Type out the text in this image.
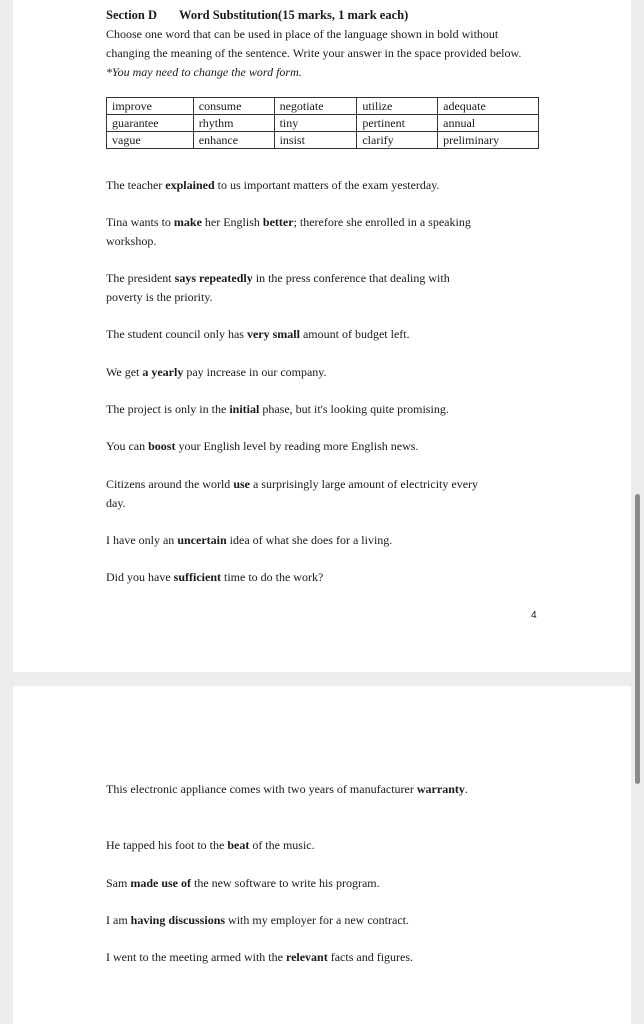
Section D Word Substitution(15 marks, 1 mark each)
Choose one word that can be used in place of the language shown in bold without changing the meaning of the sentence. Write your answer in the space provided below. *You may need to change the word form.
improve	consume	negotiate	utilize	adequate
guarantee	rhythm	tiny	pertinent	annual
vague	enhance	insist	clarify	preliminary
The teacher explained to us important matters of the exam yesterday.
Tina wants to make her English better; therefore she enrolled in a speaking workshop.
The president says repeatedly in the press conference that dealing with poverty is the priority.
The student council only has very small amount of budget left.
We get a yearly pay increase in our company.
The project is only in the initial phase, but it's looking quite promising.
You can boost your English level by reading more English news.
Citizens around the world use a surprisingly large amount of electricity every day.
I have only an uncertain idea of what she does for a living.
Did you have sufficient time to do the work?
4
This electronic appliance comes with two years of manufacturer warranty.
He tapped his foot to the beat of the music.
Sam made use of the new software to write his program.
I am having discussions with my employer for a new contract.
I went to the meeting armed with the relevant facts and figures.
